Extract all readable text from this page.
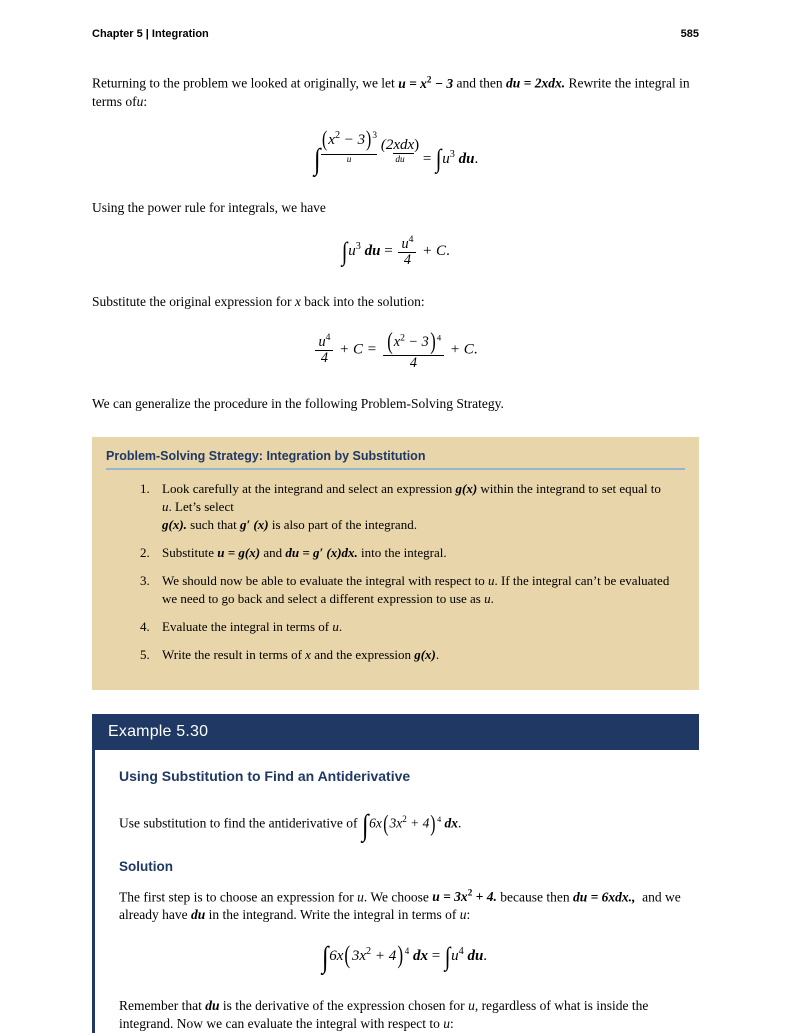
Chapter 5 | Integration	585

Returning to the problem we looked at originally, we let $u = x^2 - 3$ and then du = 2xdx. Rewrite the integral in terms ofu:

∫
$(x^2 - 3)^3$
u

(2xdx)
du	= $\int u^3$ du.

Using the power rule for integrals, we have

$\int u^3$ du = $\frac{u^4}{4} + C$.

Substitute the original expression for x back into the solution:

$\frac{u^4}{4} + C = \frac{(x^2 - 3)^4}{4} + C$.

We can generalize the procedure in the following Problem-Solving Strategy.

Problem-Solving Strategy: Integration by Substitution
Look carefully at the integrand and select an expression g(x) within the integrand to set equal to u. Let’s select
g(x). such that g′ (x) is also part of the integrand.
Substitute u = g(x) and du = g′ (x)dx. into the integral.
We should now be able to evaluate the integral with respect to u. If the integral can’t be evaluated we need to go back and select a different expression to use as u.
Evaluate the integral in terms of u.
Write the result in terms of x and the expression g(x).
Example 5.30
Using Substitution to Find an Antiderivative

Use substitution to find the antiderivative of $\int 6x(3x^2 + 4)^4$ dx.

Solution

The first step is to choose an expression for u. We choose $u = 3x^2 + 4$. because then du = 6xdx., and we already have du in the integrand. Write the integral in terms of u:

$\int 6x(3x^2 + 4)^4$ dx = $\int u^4$ du.

Remember that du is the derivative of the expression chosen for u, regardless of what is inside the integrand. Now we can evaluate the integral with respect to u:
